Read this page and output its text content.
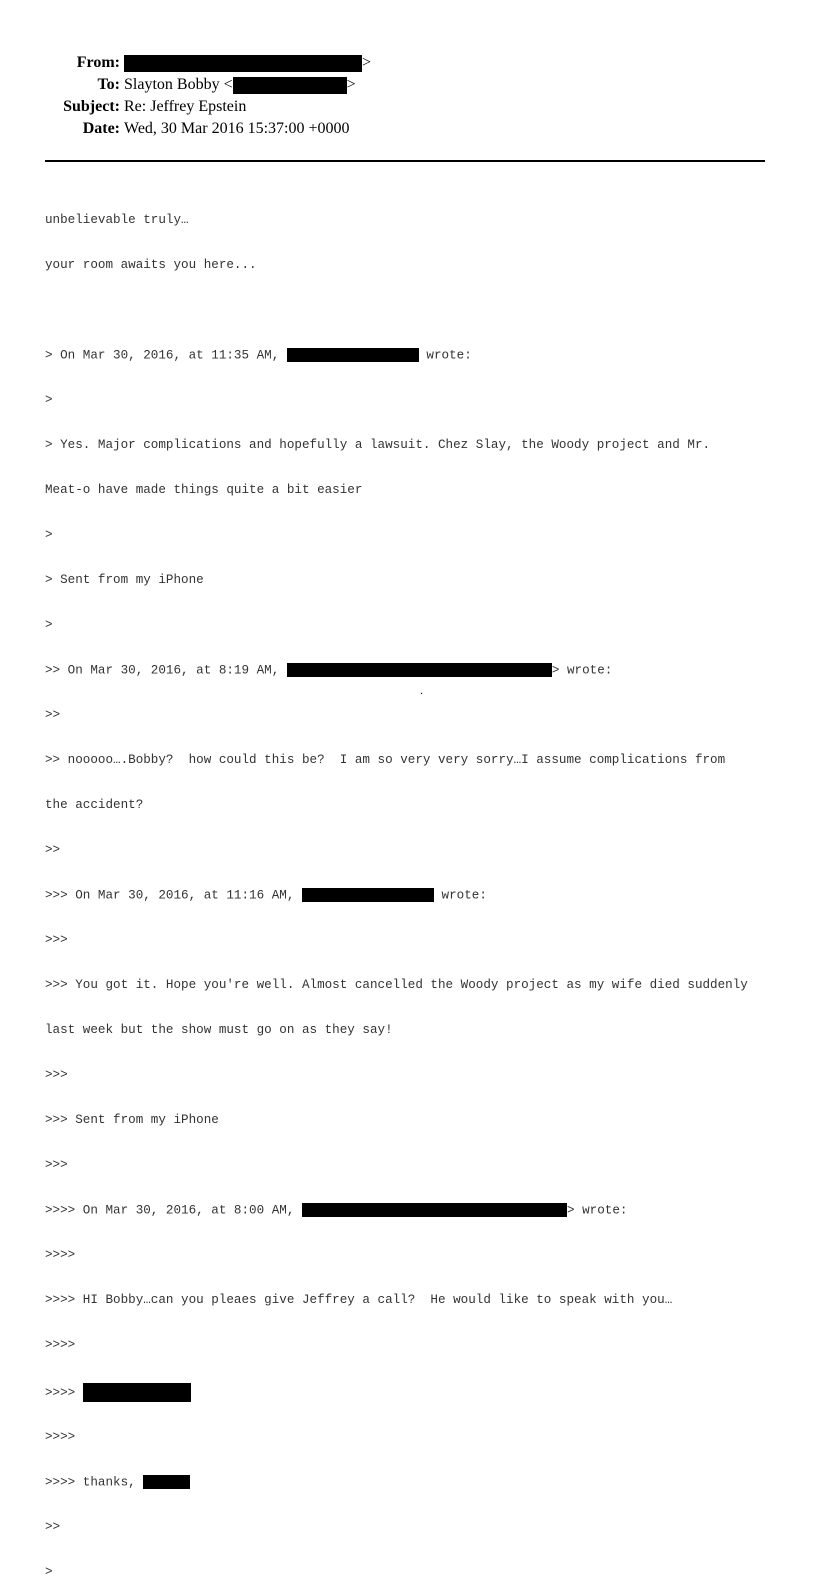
From:	>
To: Slayton Bobby <	>
Subject: Re: Jeffrey Epstein
Date: Wed, 30 Mar 2016 15:37:00 +0000

unbelievable truly…

your room awaits you here...

> On Mar 30, 2016, at 11:35 AM,	wrote:

>

> Yes. Major complications and hopefully a lawsuit. Chez Slay, the Woody project and Mr.

Meat-o have made things quite a bit easier

>

> Sent from my iPhone

>

>> On Mar 30, 2016, at 8:19 AM,	> wrote:

>>

>> nooooo….Bobby?  how could this be?  I am so very very sorry…I assume complications from

the accident?

>>

>>> On Mar 30, 2016, at 11:16 AM,	wrote:

>>>

>>> You got it. Hope you're well. Almost cancelled the Woody project as my wife died suddenly

last week but the show must go on as they say!

>>>

>>> Sent from my iPhone

>>>

>>>> On Mar 30, 2016, at 8:00 AM,	> wrote:

>>>>

>>>> HI Bobby…can you pleaes give Jeffrey a call?  He would like to speak with you…

>>>>

>>>>

>>>>

>>>> thanks,

>>

>

.
